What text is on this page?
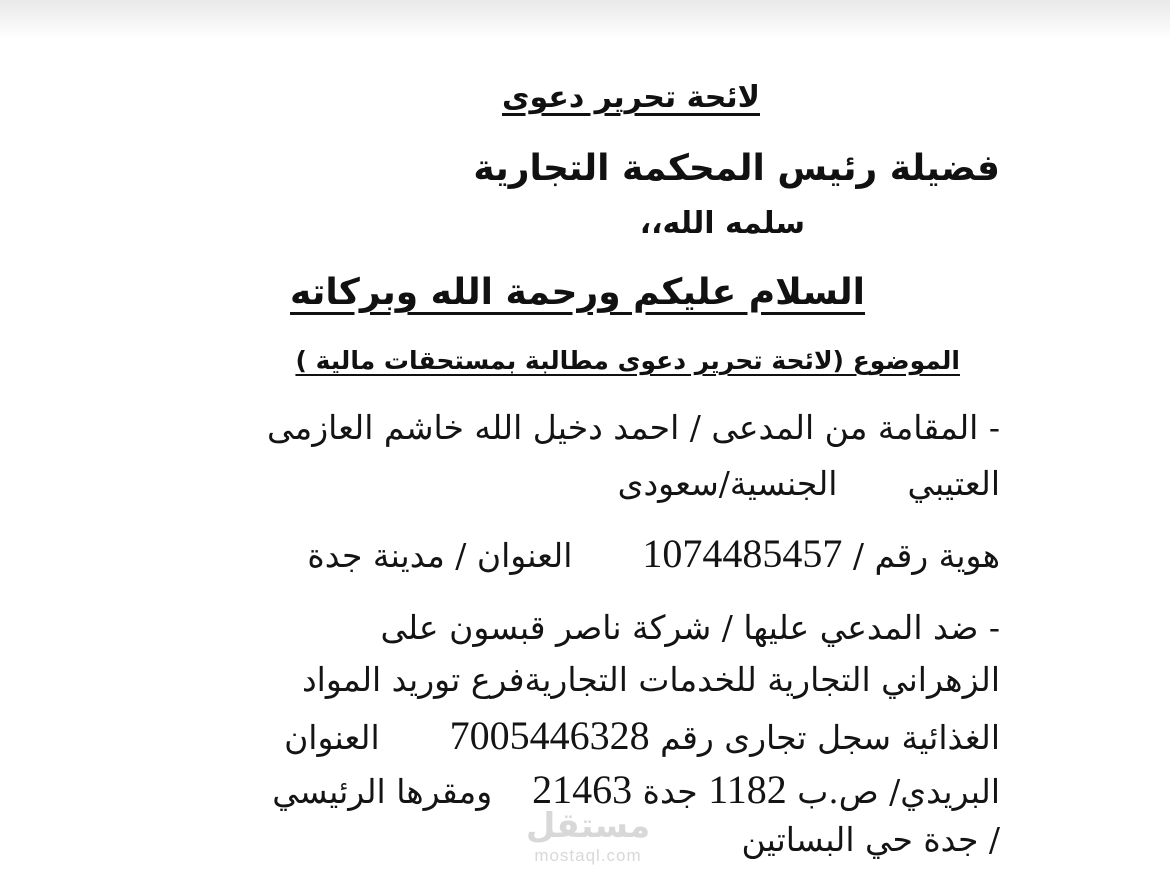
لائحة تحرير دعوى
فضيلة رئيس المحكمة التجارية
سلمه الله،،
السلام عليكم ورحمة الله وبركاته
الموضوع (لائحة تحرير دعوى مطالبة بمستحقات مالية )
- المقامة من المدعى / احمد دخيل الله خاشم العازمى
العتيبيالجنسية/سعودى
هوية رقم / 1074485457العنوان / مدينة جدة
- ضد المدعي عليها / شركة ناصر قبسون على
الزهراني التجارية للخدمات التجاريةفرع توريد المواد
الغذائية سجل تجارى رقم 7005446328العنوان
البريدي/ ص.ب 1182 جدة 21463ومقرها الرئيسي
/ جدة حي البساتين
مستقل
mostaql.com
